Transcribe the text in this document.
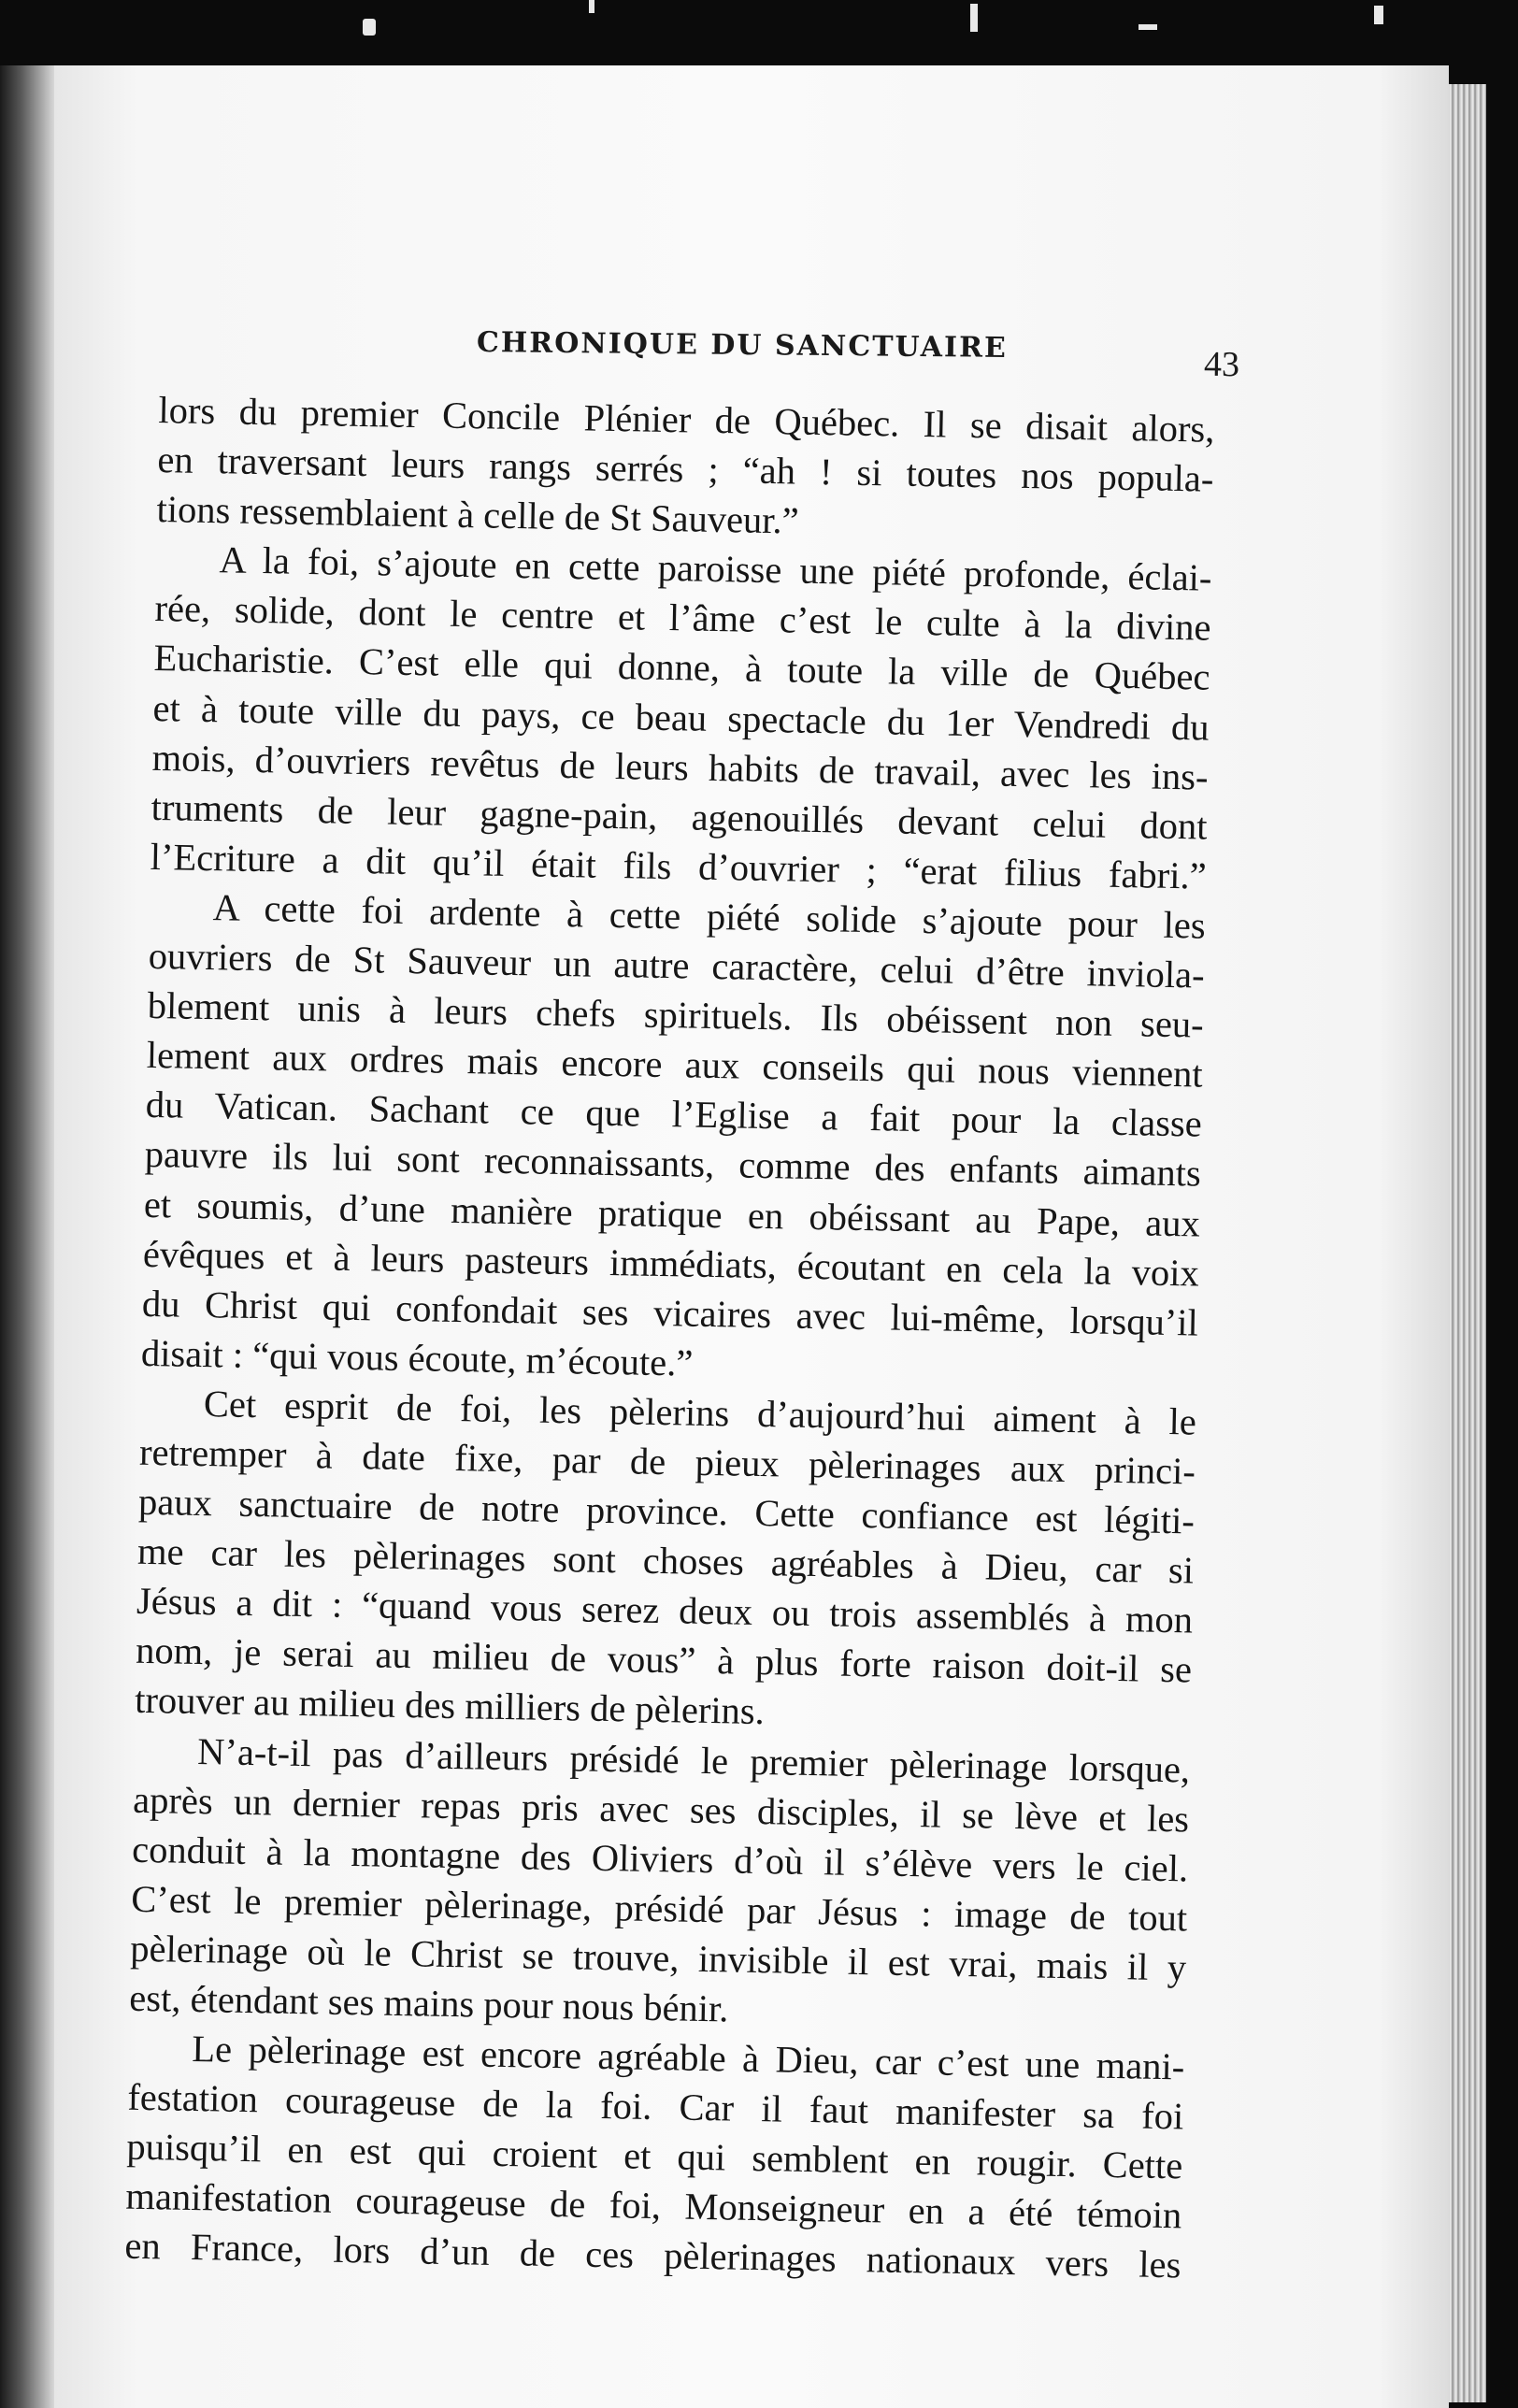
CHRONIQUE DU SANCTUAIRE	43
lors du premier Concile Plénier de Québec. Il se disait alors,
en traversant leurs rangs serrés ; “ah ! si toutes nos popula-
tions ressemblaient à celle de St Sauveur.”
A la foi, s’ajoute en cette paroisse une piété profonde, éclai-
rée, solide, dont le centre et l’âme c’est le culte à la divine
Eucharistie. C’est elle qui donne, à toute la ville de Québec
et à toute ville du pays, ce beau spectacle du 1er Vendredi du
mois, d’ouvriers revêtus de leurs habits de travail, avec les ins-
truments de leur gagne-pain, agenouillés devant celui dont
l’Ecriture a dit qu’il était fils d’ouvrier ; “erat filius fabri.”
A cette foi ardente à cette piété solide s’ajoute pour les
ouvriers de St Sauveur un autre caractère, celui d’être inviola-
blement unis à leurs chefs spirituels. Ils obéissent non seu-
lement aux ordres mais encore aux conseils qui nous viennent
du Vatican. Sachant ce que l’Eglise a fait pour la classe
pauvre ils lui sont reconnaissants, comme des enfants aimants
et soumis, d’une manière pratique en obéissant au Pape, aux
évêques et à leurs pasteurs immédiats, écoutant en cela la voix
du Christ qui confondait ses vicaires avec lui-même, lorsqu’il
disait : “qui vous écoute, m’écoute.”
Cet esprit de foi, les pèlerins d’aujourd’hui aiment à le
retremper à date fixe, par de pieux pèlerinages aux princi-
paux sanctuaire de notre province. Cette confiance est légiti-
me car les pèlerinages sont choses agréables à Dieu, car si
Jésus a dit : “quand vous serez deux ou trois assemblés à mon
nom, je serai au milieu de vous” à plus forte raison doit-il se
trouver au milieu des milliers de pèlerins.
N’a-t-il pas d’ailleurs présidé le premier pèlerinage lorsque,
après un dernier repas pris avec ses disciples, il se lève et les
conduit à la montagne des Oliviers d’où il s’élève vers le ciel.
C’est le premier pèlerinage, présidé par Jésus : image de tout
pèlerinage où le Christ se trouve, invisible il est vrai, mais il y
est, étendant ses mains pour nous bénir.
Le pèlerinage est encore agréable à Dieu, car c’est une mani-
festation courageuse de la foi. Car il faut manifester sa foi
puisqu’il en est qui croient et qui semblent en rougir. Cette
manifestation courageuse de foi, Monseigneur en a été témoin
en France, lors d’un de ces pèlerinages nationaux vers les
